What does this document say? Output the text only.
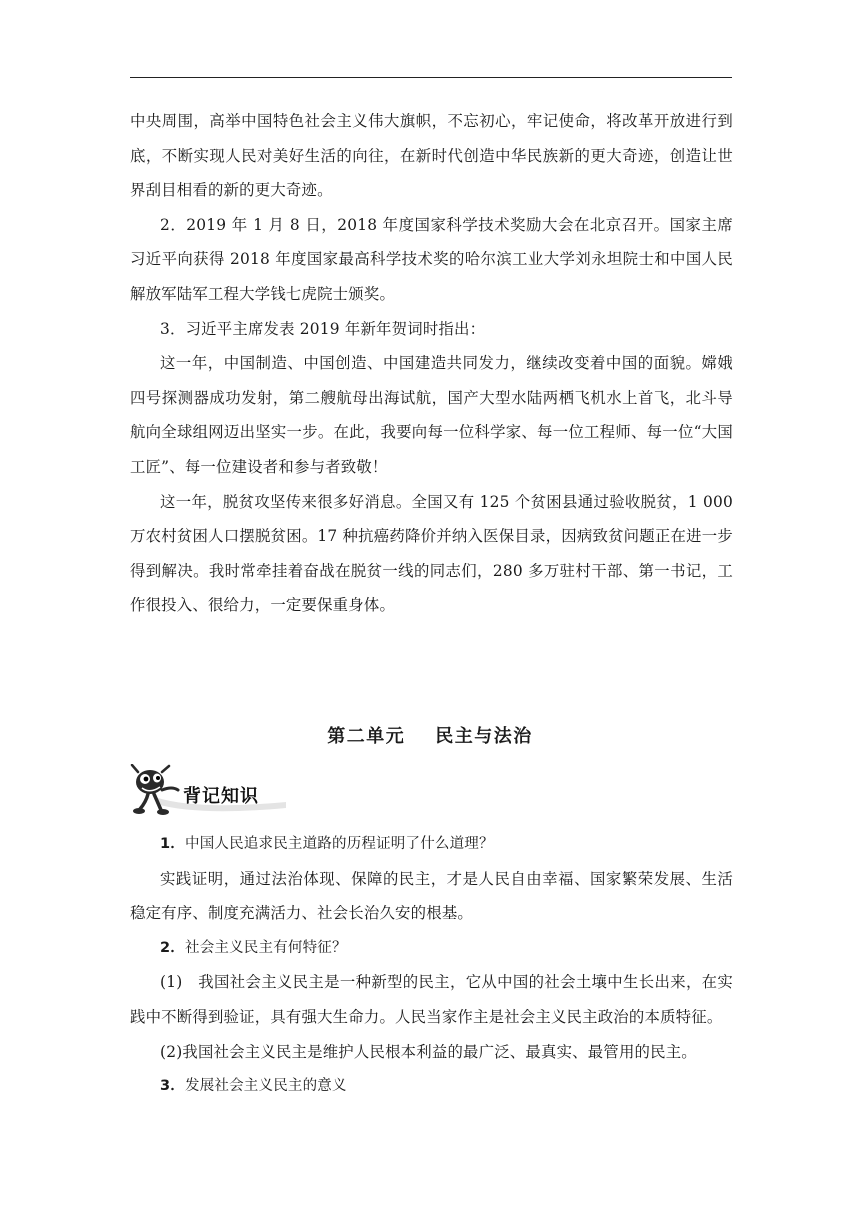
中央周围，高举中国特色社会主义伟大旗帜，不忘初心，牢记使命，将改革开放进行到底，不断实现人民对美好生活的向往，在新时代创造中华民族新的更大奇迹，创造让世界刮目相看的新的更大奇迹。

2．2019 年 1 月 8 日，2018 年度国家科学技术奖励大会在北京召开。国家主席习近平向获得 2018 年度国家最高科学技术奖的哈尔滨工业大学刘永坦院士和中国人民解放军陆军工程大学钱七虎院士颁奖。

3．习近平主席发表 2019 年新年贺词时指出：

这一年，中国制造、中国创造、中国建造共同发力，继续改变着中国的面貌。嫦娥四号探测器成功发射，第二艘航母出海试航，国产大型水陆两栖飞机水上首飞，北斗导航向全球组网迈出坚实一步。在此，我要向每一位科学家、每一位工程师、每一位“大国工匠”、每一位建设者和参与者致敬！

这一年，脱贫攻坚传来很多好消息。全国又有 125 个贫困县通过验收脱贫，1 000 万农村贫困人口摆脱贫困。17 种抗癌药降价并纳入医保目录，因病致贫问题正在进一步得到解决。我时常牵挂着奋战在脱贫一线的同志们，280 多万驻村干部、第一书记，工作很投入、很给力，一定要保重身体。

第二单元 民主与法治
背记知识

1．中国人民追求民主道路的历程证明了什么道理？

实践证明，通过法治体现、保障的民主，才是人民自由幸福、国家繁荣发展、生活稳定有序、制度充满活力、社会长治久安的根基。

2．社会主义民主有何特征？

(1)　我国社会主义民主是一种新型的民主，它从中国的社会土壤中生长出来，在实践中不断得到验证，具有强大生命力。人民当家作主是社会主义民主政治的本质特征。

(2)我国社会主义民主是维护人民根本利益的最广泛、最真实、最管用的民主。

3．发展社会主义民主的意义
